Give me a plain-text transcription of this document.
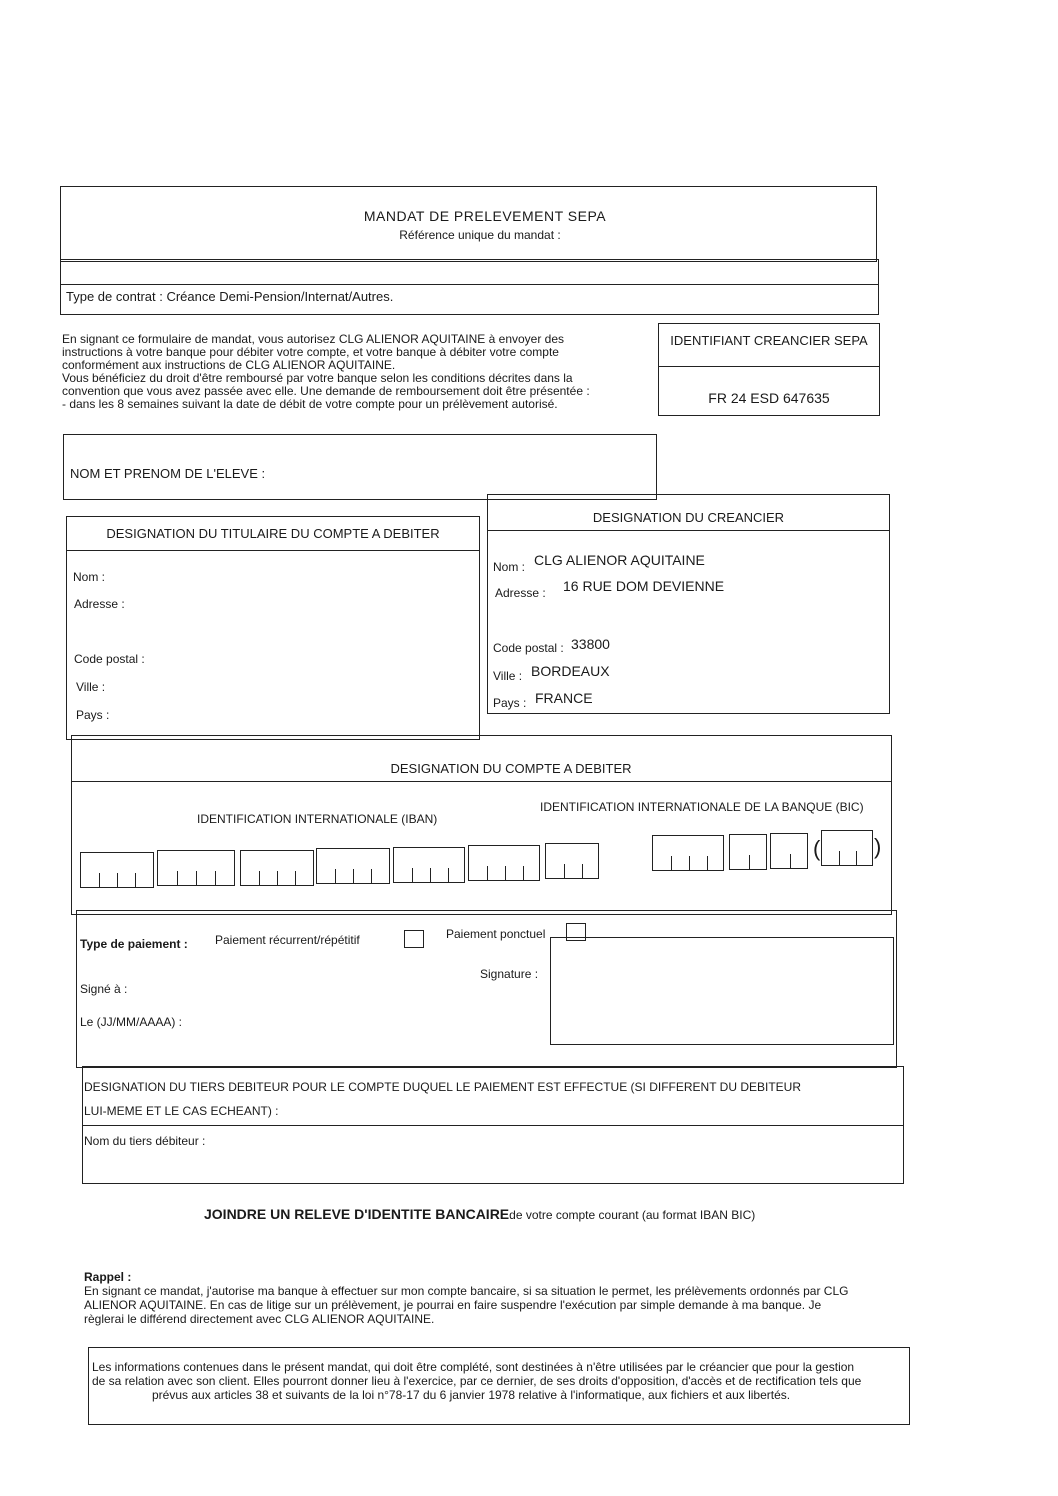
MANDAT DE PRELEVEMENT SEPA
Référence unique du mandat :
Type de contrat : Créance Demi-Pension/Internat/Autres.
En signant ce formulaire de mandat, vous autorisez CLG ALIENOR AQUITAINE à envoyer des
instructions à votre banque pour débiter votre compte, et votre banque à débiter votre compte
conformément aux instructions de CLG ALIENOR AQUITAINE.
Vous bénéficiez du droit d'être remboursé par votre banque selon les conditions décrites dans la
convention que vous avez passée avec elle. Une demande de remboursement doit être présentée :
- dans les 8 semaines suivant la date de débit de votre compte pour un prélèvement autorisé.
IDENTIFIANT CREANCIER SEPA
FR 24 ESD 647635
NOM ET PRENOM DE L'ELEVE :
DESIGNATION DU TITULAIRE DU COMPTE A DEBITER
Nom :
Adresse :
Code postal :
Ville :
Pays :
DESIGNATION DU CREANCIER
Nom : CLG ALIENOR AQUITAINE
Adresse : 16 RUE DOM DEVIENNE
Code postal : 33800
Ville : BORDEAUX
Pays : FRANCE
DESIGNATION DU COMPTE A DEBITER
IDENTIFICATION INTERNATIONALE (IBAN)
IDENTIFICATION INTERNATIONALE DE LA BANQUE (BIC)
( )
Type de paiement : Paiement récurrent/répétitif	Paiement ponctuel
Signature :
Signé à :
Le (JJ/MM/AAAA) :
DESIGNATION DU TIERS DEBITEUR POUR LE COMPTE DUQUEL LE PAIEMENT EST EFFECTUE (SI DIFFERENT DU DEBITEUR
LUI-MEME ET LE CAS ECHEANT) :
Nom du tiers débiteur :
JOINDRE UN RELEVE D'IDENTITE BANCAIREde votre compte courant (au format IBAN BIC)
Rappel :
En signant ce mandat, j'autorise ma banque à effectuer sur mon compte bancaire, si sa situation le permet, les prélèvements ordonnés par CLG
ALIENOR AQUITAINE. En cas de litige sur un prélèvement, je pourrai en faire suspendre l'exécution par simple demande à ma banque. Je
règlerai le différend directement avec CLG ALIENOR AQUITAINE.
Les informations contenues dans le présent mandat, qui doit être complété, sont destinées à n'être utilisées par le créancier que pour la gestion
de sa relation avec son client. Elles pourront donner lieu à l'exercice, par ce dernier, de ses droits d'opposition, d'accès et de rectification tels que
prévus aux articles 38 et suivants de la loi n°78-17 du 6 janvier 1978 relative à l'informatique, aux fichiers et aux libertés.
